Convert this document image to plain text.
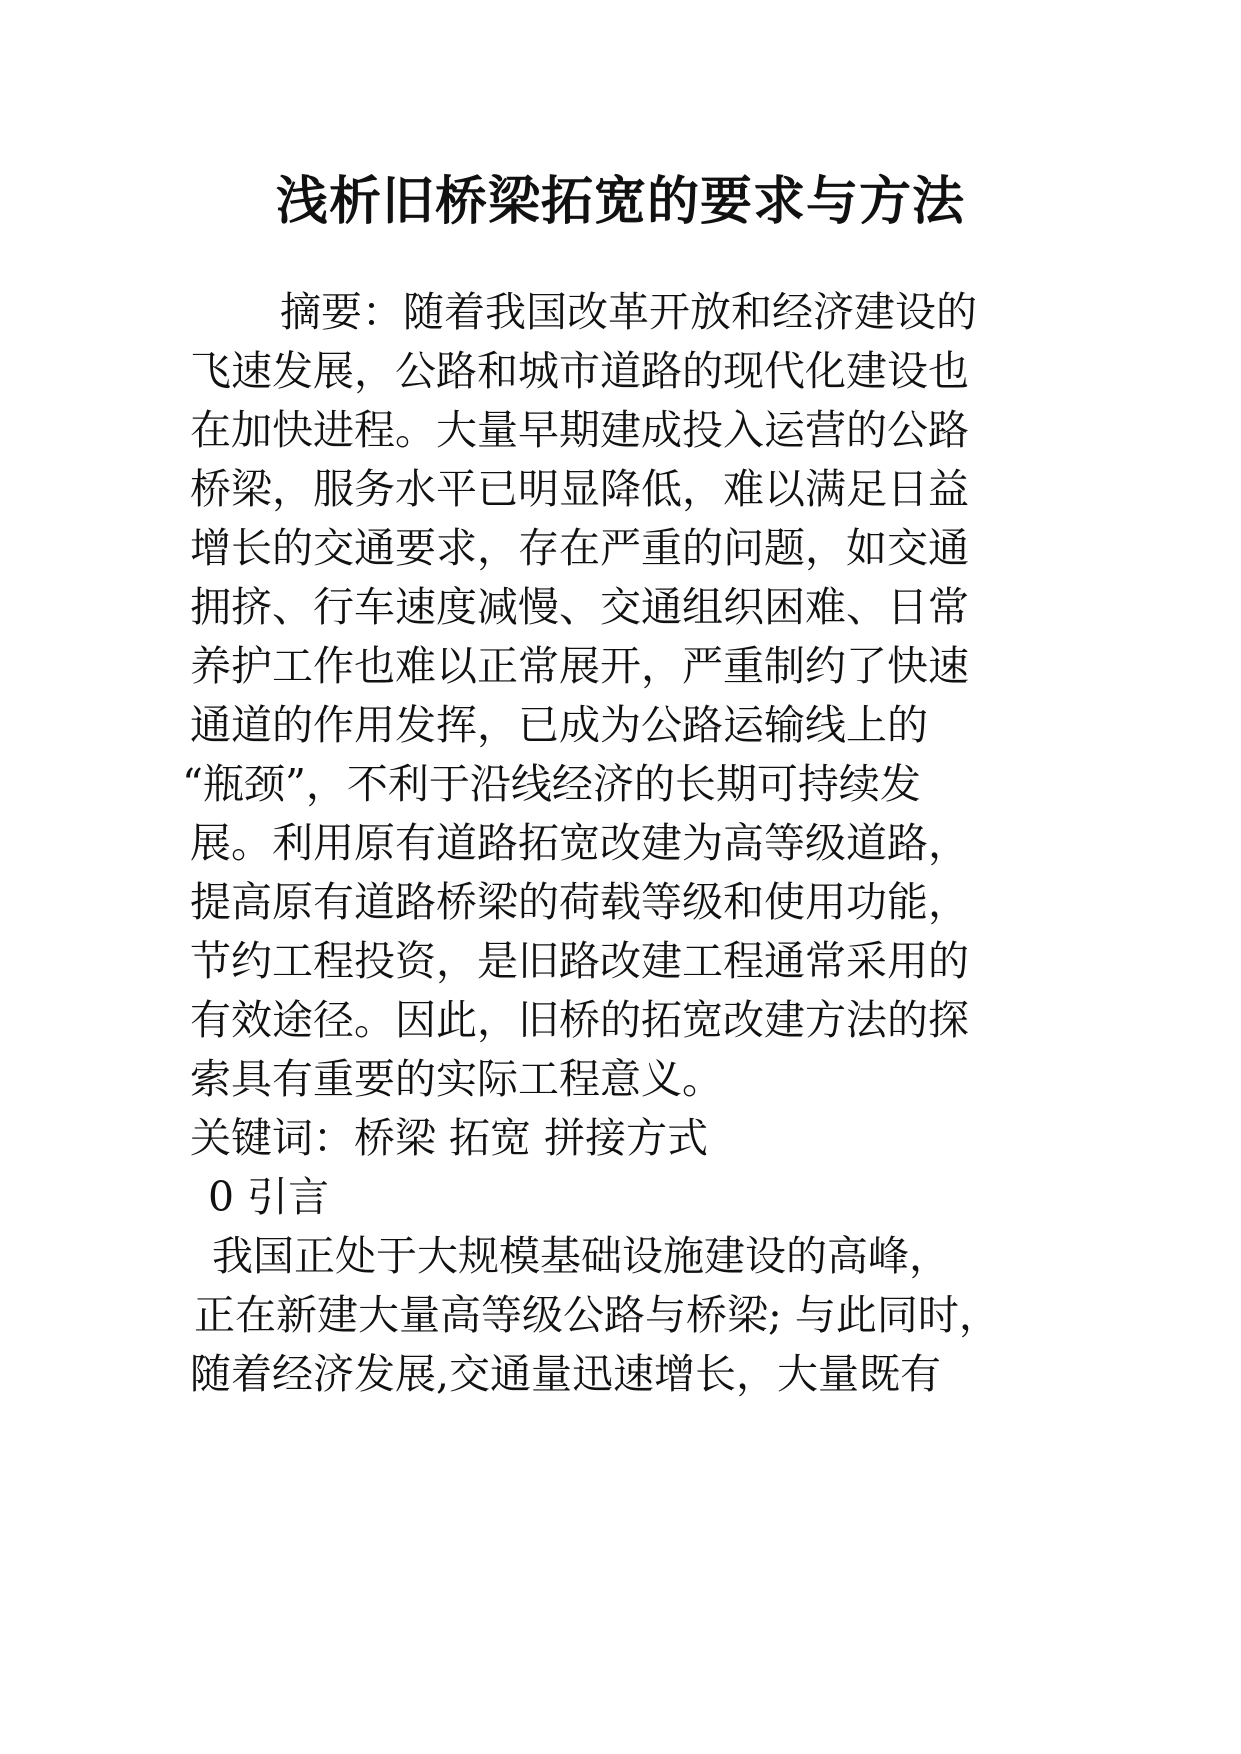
浅析旧桥梁拓宽的要求与方法
摘要：随着我国改革开放和经济建设的
飞速发展，公路和城市道路的现代化建设也
在加快进程。大量早期建成投入运营的公路
桥梁，服务水平已明显降低，难以满足日益
增长的交通要求，存在严重的问题，如交通
拥挤、行车速度减慢、交通组织困难、日常
养护工作也难以正常展开，严重制约了快速
通道的作用发挥，已成为公路运输线上的
“瓶颈”，不利于沿线经济的长期可持续发
展。利用原有道路拓宽改建为高等级道路，
提高原有道路桥梁的荷载等级和使用功能，
节约工程投资，是旧路改建工程通常采用的
有效途径。因此，旧桥的拓宽改建方法的探
索具有重要的实际工程意义。
关键词：桥梁 拓宽 拼接方式
0 引言
我国正处于大规模基础设施建设的高峰，
正在新建大量高等级公路与桥梁; 与此同时，
随着经济发展,交通量迅速增长，大量既有
